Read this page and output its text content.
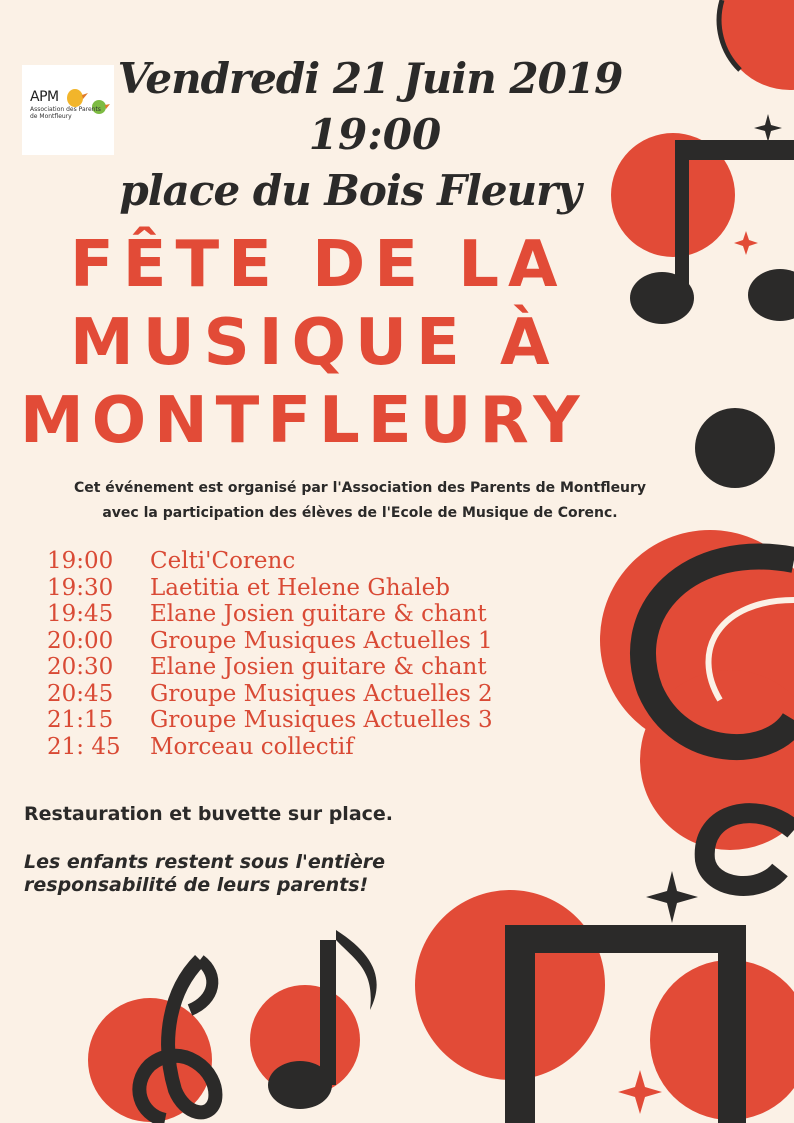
APM
Association des Parents de Montfleury
Vendredi 21 Juin 2019
19:00
place du Bois Fleury
FÊTE DE LA
MUSIQUE À
MONTFLEURY

Cet événement est organisé par l'Association des Parents de Montfleury

avec la participation des élèves de l'Ecole de Musique de Corenc.

19:00 Celti'Corenc
19:30 Laetitia et Helene Ghaleb
19:45 Elane Josien guitare & chant
20:00 Groupe Musiques Actuelles 1
20:30 Elane Josien guitare & chant
20:45 Groupe Musiques Actuelles 2
21:15 Groupe Musiques Actuelles 3
21: 45 Morceau collectif

Restauration et buvette sur place.

Les enfants restent sous l'entière

responsabilité de leurs parents!
